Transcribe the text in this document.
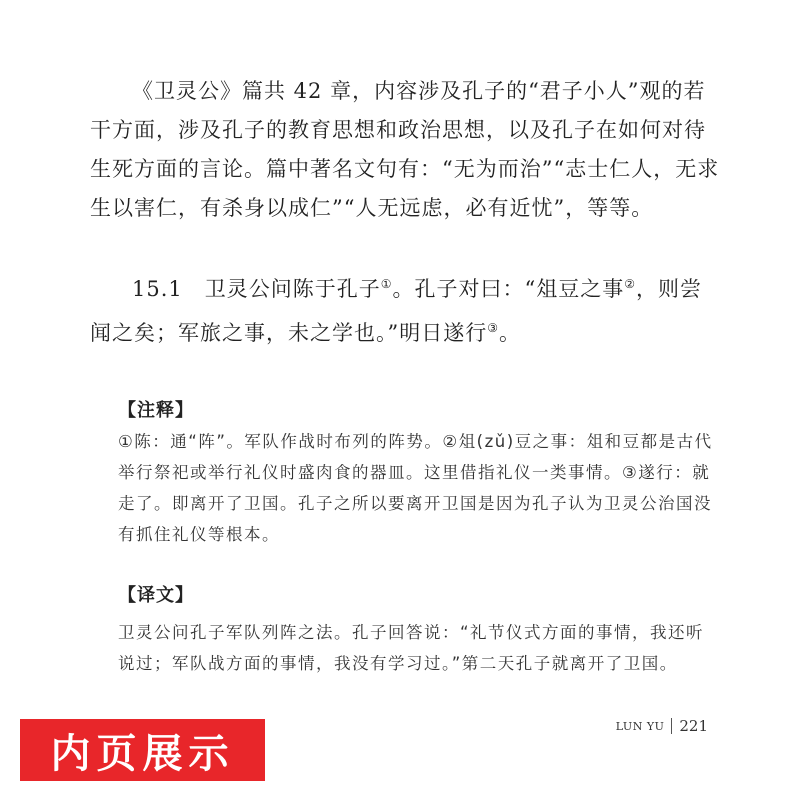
《卫灵公》篇共 42 章，内容涉及孔子的“君子小人”观的若干方面，涉及孔子的教育思想和政治思想，以及孔子在如何对待生死方面的言论。篇中著名文句有：“无为而治”“志士仁人，无求生以害仁，有杀身以成仁”“人无远虑，必有近忧”，等等。

15.1　 卫灵公问陈于孔子①。孔子对曰：“俎豆之事②，则尝闻之矣；军旅之事，未之学也。”明日遂行③。

【注释】

①陈：通“阵”。军队作战时布列的阵势。②俎(zǔ)豆之事：俎和豆都是古代举行祭祀或举行礼仪时盛肉食的器皿。这里借指礼仪一类事情。③遂行：就走了。即离开了卫国。孔子之所以要离开卫国是因为孔子认为卫灵公治国没有抓住礼仪等根本。

【译文】

卫灵公问孔子军队列阵之法。孔子回答说：“礼节仪式方面的事情，我还听说过；军队战方面的事情，我没有学习过。”第二天孔子就离开了卫国。

LUN YU 221
内页展示
